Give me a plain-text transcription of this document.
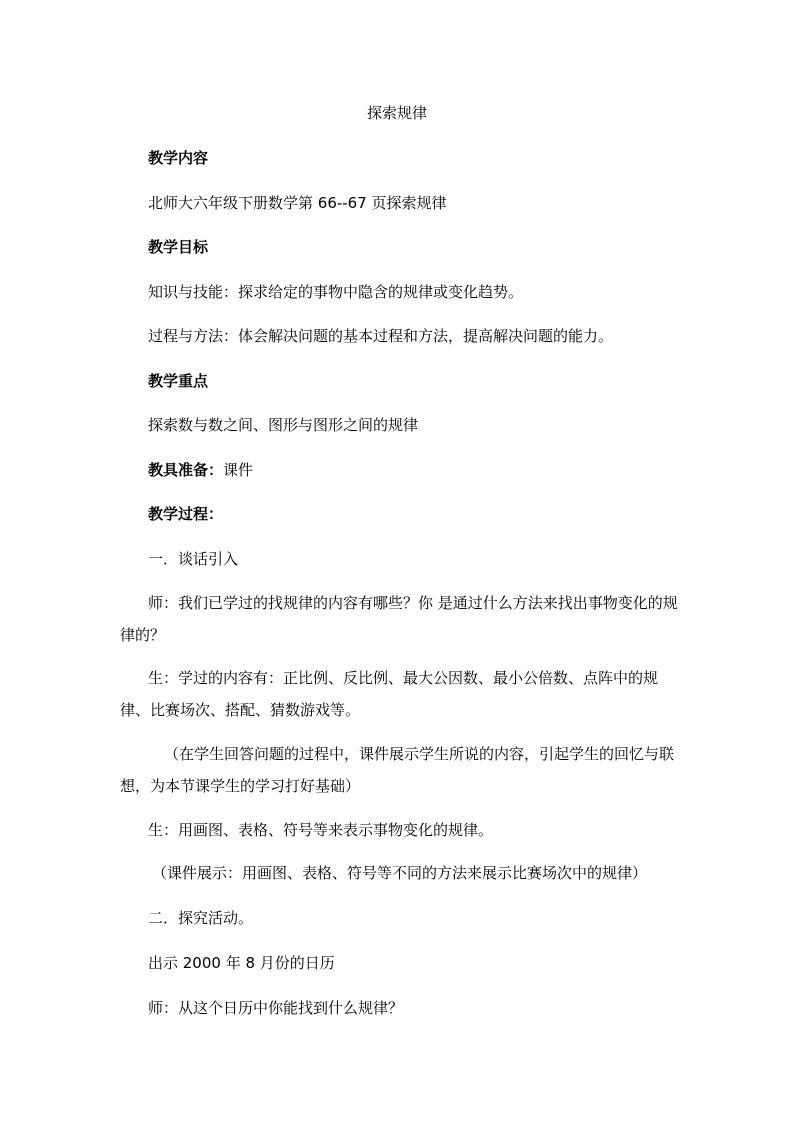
探索规律
教学内容
北师大六年级下册数学第 66--67 页探索规律
教学目标
知识与技能：探求给定的事物中隐含的规律或变化趋势。
过程与方法：体会解决问题的基本过程和方法，提高解决问题的能力。
教学重点
探索数与数之间、图形与图形之间的规律
教具准备：课件
教学过程：
一．谈话引入
师：我们已学过的找规律的内容有哪些？你 是通过什么方法来找出事物变化的规律的？
生：学过的内容有：正比例、反比例、最大公因数、最小公倍数、点阵中的规律、比赛场次、搭配、猜数游戏等。
（在学生回答问题的过程中，课件展示学生所说的内容，引起学生的回忆与联想，为本节课学生的学习打好基础）
生：用画图、表格、符号等来表示事物变化的规律。
（课件展示：用画图、表格、符号等不同的方法来展示比赛场次中的规律）
二．探究活动。
出示 2000 年 8 月份的日历
师：从这个日历中你能找到什么规律？
